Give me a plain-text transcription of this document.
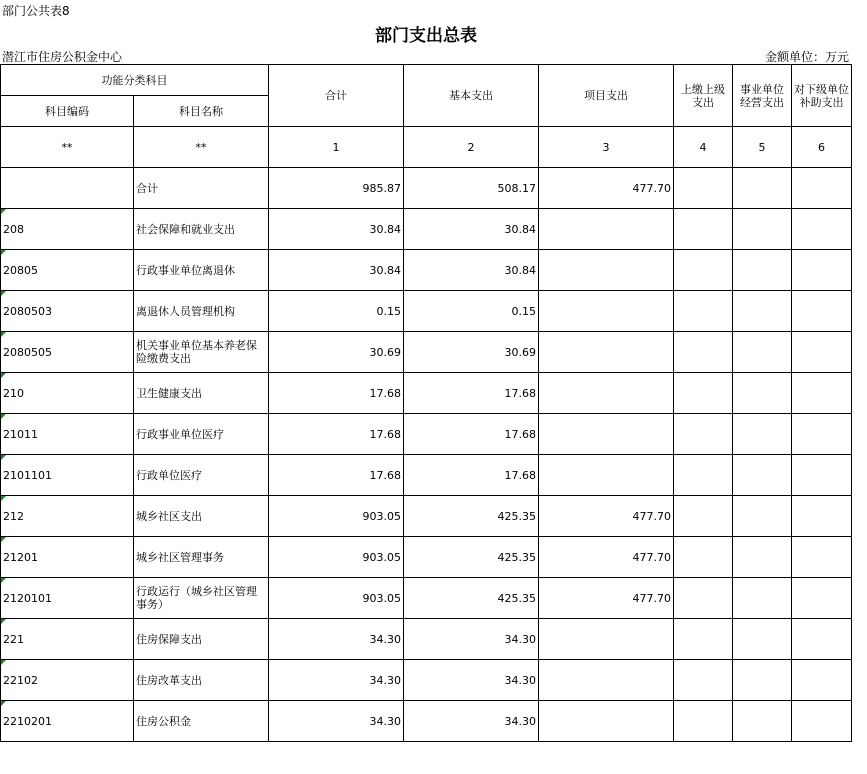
部门公共表8
部门支出总表
潜江市住房公积金中心	金额单位：万元
功能分类科目		合计	基本支出	项目支出	上缴上级支出	事业单位经营支出	对下级单位补助支出
科目编码	科目名称						
**	**	1	2	3	4	5	6
	合计	985.87	508.17	477.70			

208	社会保障和就业支出	30.84	30.84				

20805	行政事业单位离退休	30.84	30.84				

2080503	离退休人员管理机构	0.15	0.15				

2080505	机关事业单位基本养老保险缴费支出	30.69	30.69				

210	卫生健康支出	17.68	17.68				

21011	行政事业单位医疗	17.68	17.68				

2101101	行政单位医疗	17.68	17.68				

212	城乡社区支出	903.05	425.35	477.70			

21201	城乡社区管理事务	903.05	425.35	477.70			

2120101	行政运行（城乡社区管理事务）	903.05	425.35	477.70			

221	住房保障支出	34.30	34.30				

22102	住房改革支出	34.30	34.30				

2210201	住房公积金	34.30	34.30				
